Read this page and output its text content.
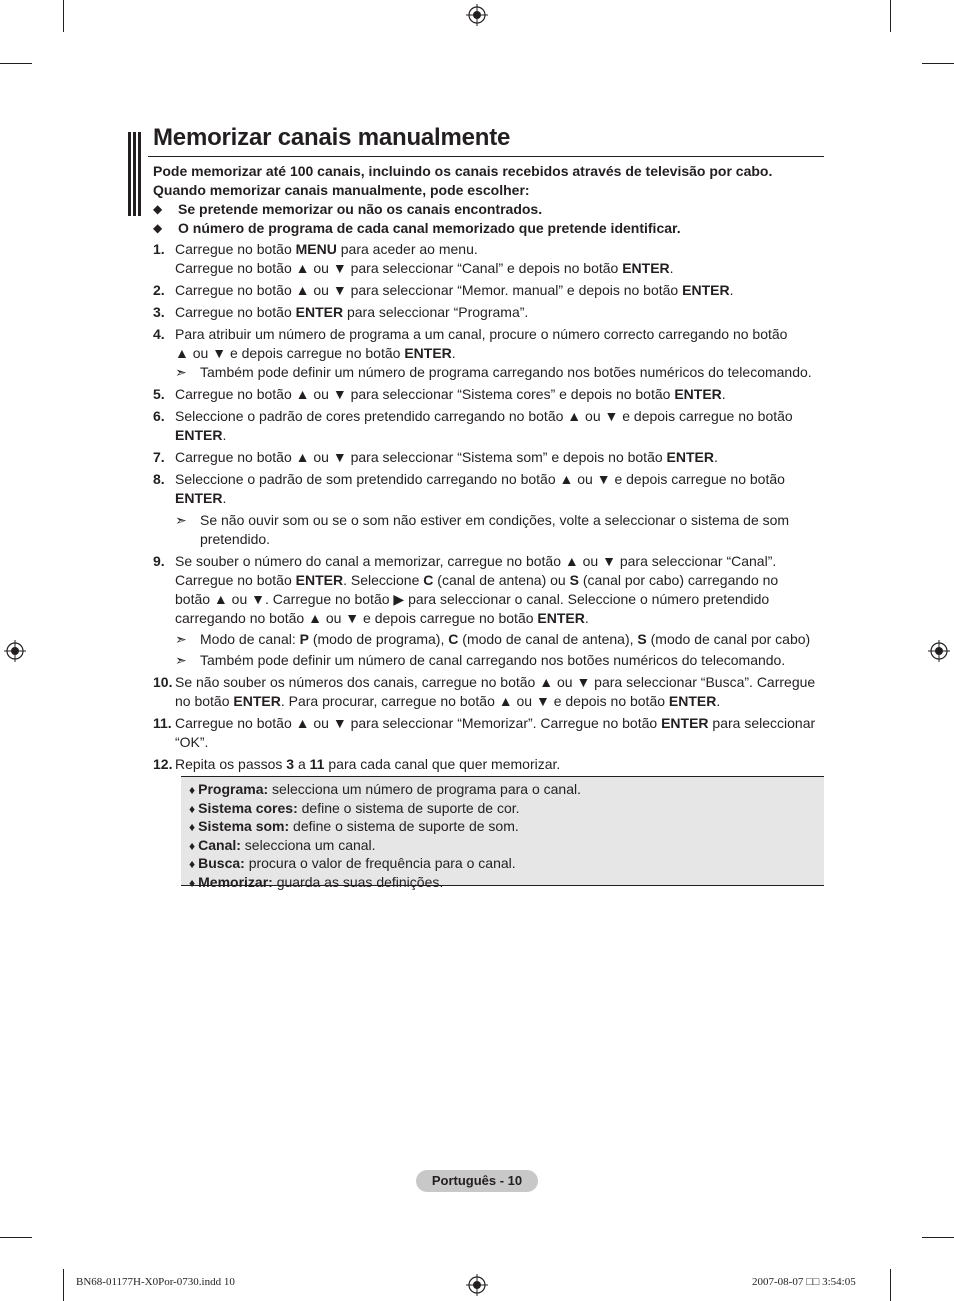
Memorizar canais manualmente
Pode memorizar até 100 canais, incluindo os canais recebidos através de televisão por cabo.
Quando memorizar canais manualmente, pode escolher:
◆ Se pretende memorizar ou não os canais encontrados.
◆ O número de programa de cada canal memorizado que pretende identificar.
1. Carregue no botão MENU para aceder ao menu.
Carregue no botão ▲ ou ▼ para seleccionar “Canal” e depois no botão ENTER.
2. Carregue no botão ▲ ou ▼ para seleccionar “Memor. manual” e depois no botão ENTER.
3. Carregue no botão ENTER para seleccionar “Programa”.
4. Para atribuir um número de programa a um canal, procure o número correcto carregando no botão
▲ ou ▼ e depois carregue no botão ENTER.
➣ Também pode definir um número de programa carregando nos botões numéricos do telecomando.
5. Carregue no botão ▲ ou ▼ para seleccionar “Sistema cores” e depois no botão ENTER.
6. Seleccione o padrão de cores pretendido carregando no botão ▲ ou ▼ e depois carregue no botão
ENTER.
7. Carregue no botão ▲ ou ▼ para seleccionar “Sistema som” e depois no botão ENTER.
8. Seleccione o padrão de som pretendido carregando no botão ▲ ou ▼ e depois carregue no botão
ENTER.
➣ Se não ouvir som ou se o som não estiver em condições, volte a seleccionar o sistema de som
pretendido.
9. Se souber o número do canal a memorizar, carregue no botão ▲ ou ▼ para seleccionar “Canal”.
Carregue no botão ENTER. Seleccione C (canal de antena) ou S (canal por cabo) carregando no
botão ▲ ou ▼. Carregue no botão ▶ para seleccionar o canal. Seleccione o número pretendido
carregando no botão ▲ ou ▼ e depois carregue no botão ENTER.
➣ Modo de canal: P (modo de programa), C (modo de canal de antena), S (modo de canal por cabo)
➣ Também pode definir um número de canal carregando nos botões numéricos do telecomando.
10. Se não souber os números dos canais, carregue no botão ▲ ou ▼ para seleccionar “Busca”. Carregue
no botão ENTER. Para procurar, carregue no botão ▲ ou ▼ e depois no botão ENTER.
11. Carregue no botão ▲ ou ▼ para seleccionar “Memorizar”. Carregue no botão ENTER para seleccionar
“OK”.
12. Repita os passos 3 a 11 para cada canal que quer memorizar.
♦ Programa: selecciona um número de programa para o canal.
♦ Sistema cores: define o sistema de suporte de cor.
♦ Sistema som: define o sistema de suporte de som.
♦ Canal: selecciona um canal.
♦ Busca: procura o valor de frequência para o canal.
♦ Memorizar: guarda as suas definições.
Português - 10
BN68-01177H-X0Por-0730.indd 10	2007-08-07 □□ 3:54:05
